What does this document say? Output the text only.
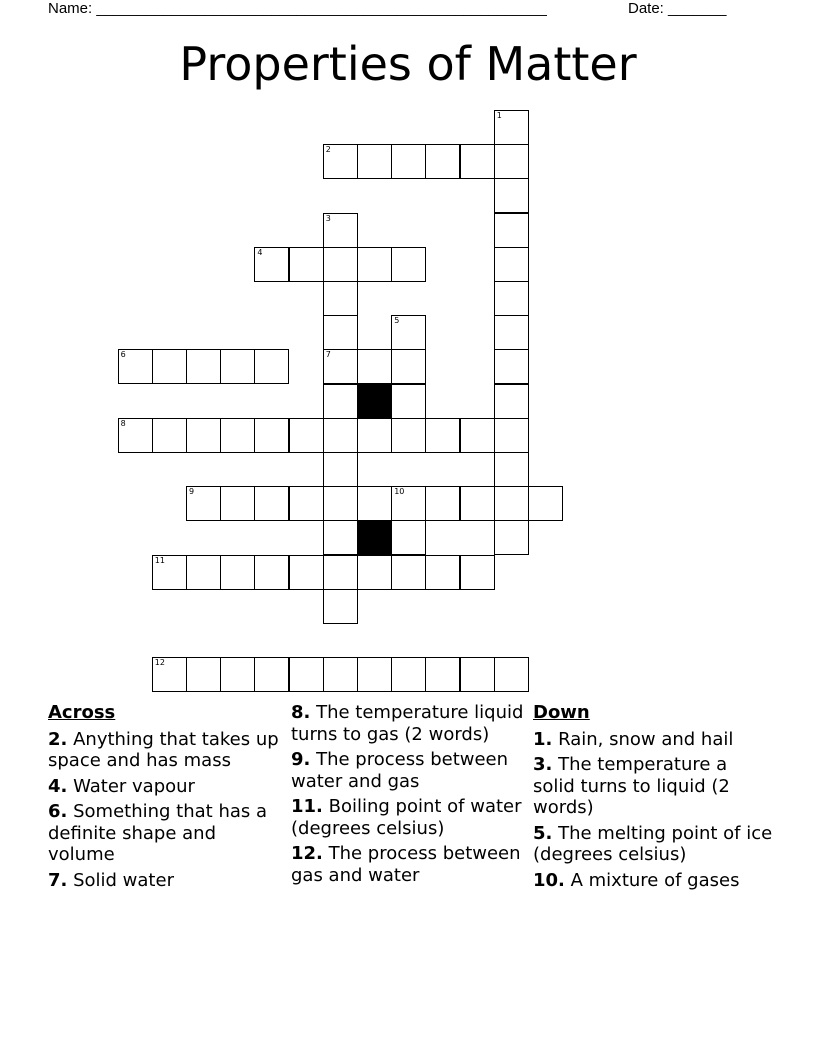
Name: ______________________________________________________	Date: _______
Properties of Matter
1
2
3
4
5
6	7
8
9	10
11
12
Across
2. Anything that takes up space and has mass
4. Water vapour
6. Something that has a definite shape and volume
7. Solid water
8. The temperature liquid turns to gas (2 words)
9. The process between water and gas
11. Boiling point of water (degrees celsius)
12. The process between gas and water
Down
1. Rain, snow and hail
3. The temperature a solid turns to liquid (2 words)
5. The melting point of ice (degrees celsius)
10. A mixture of gases
